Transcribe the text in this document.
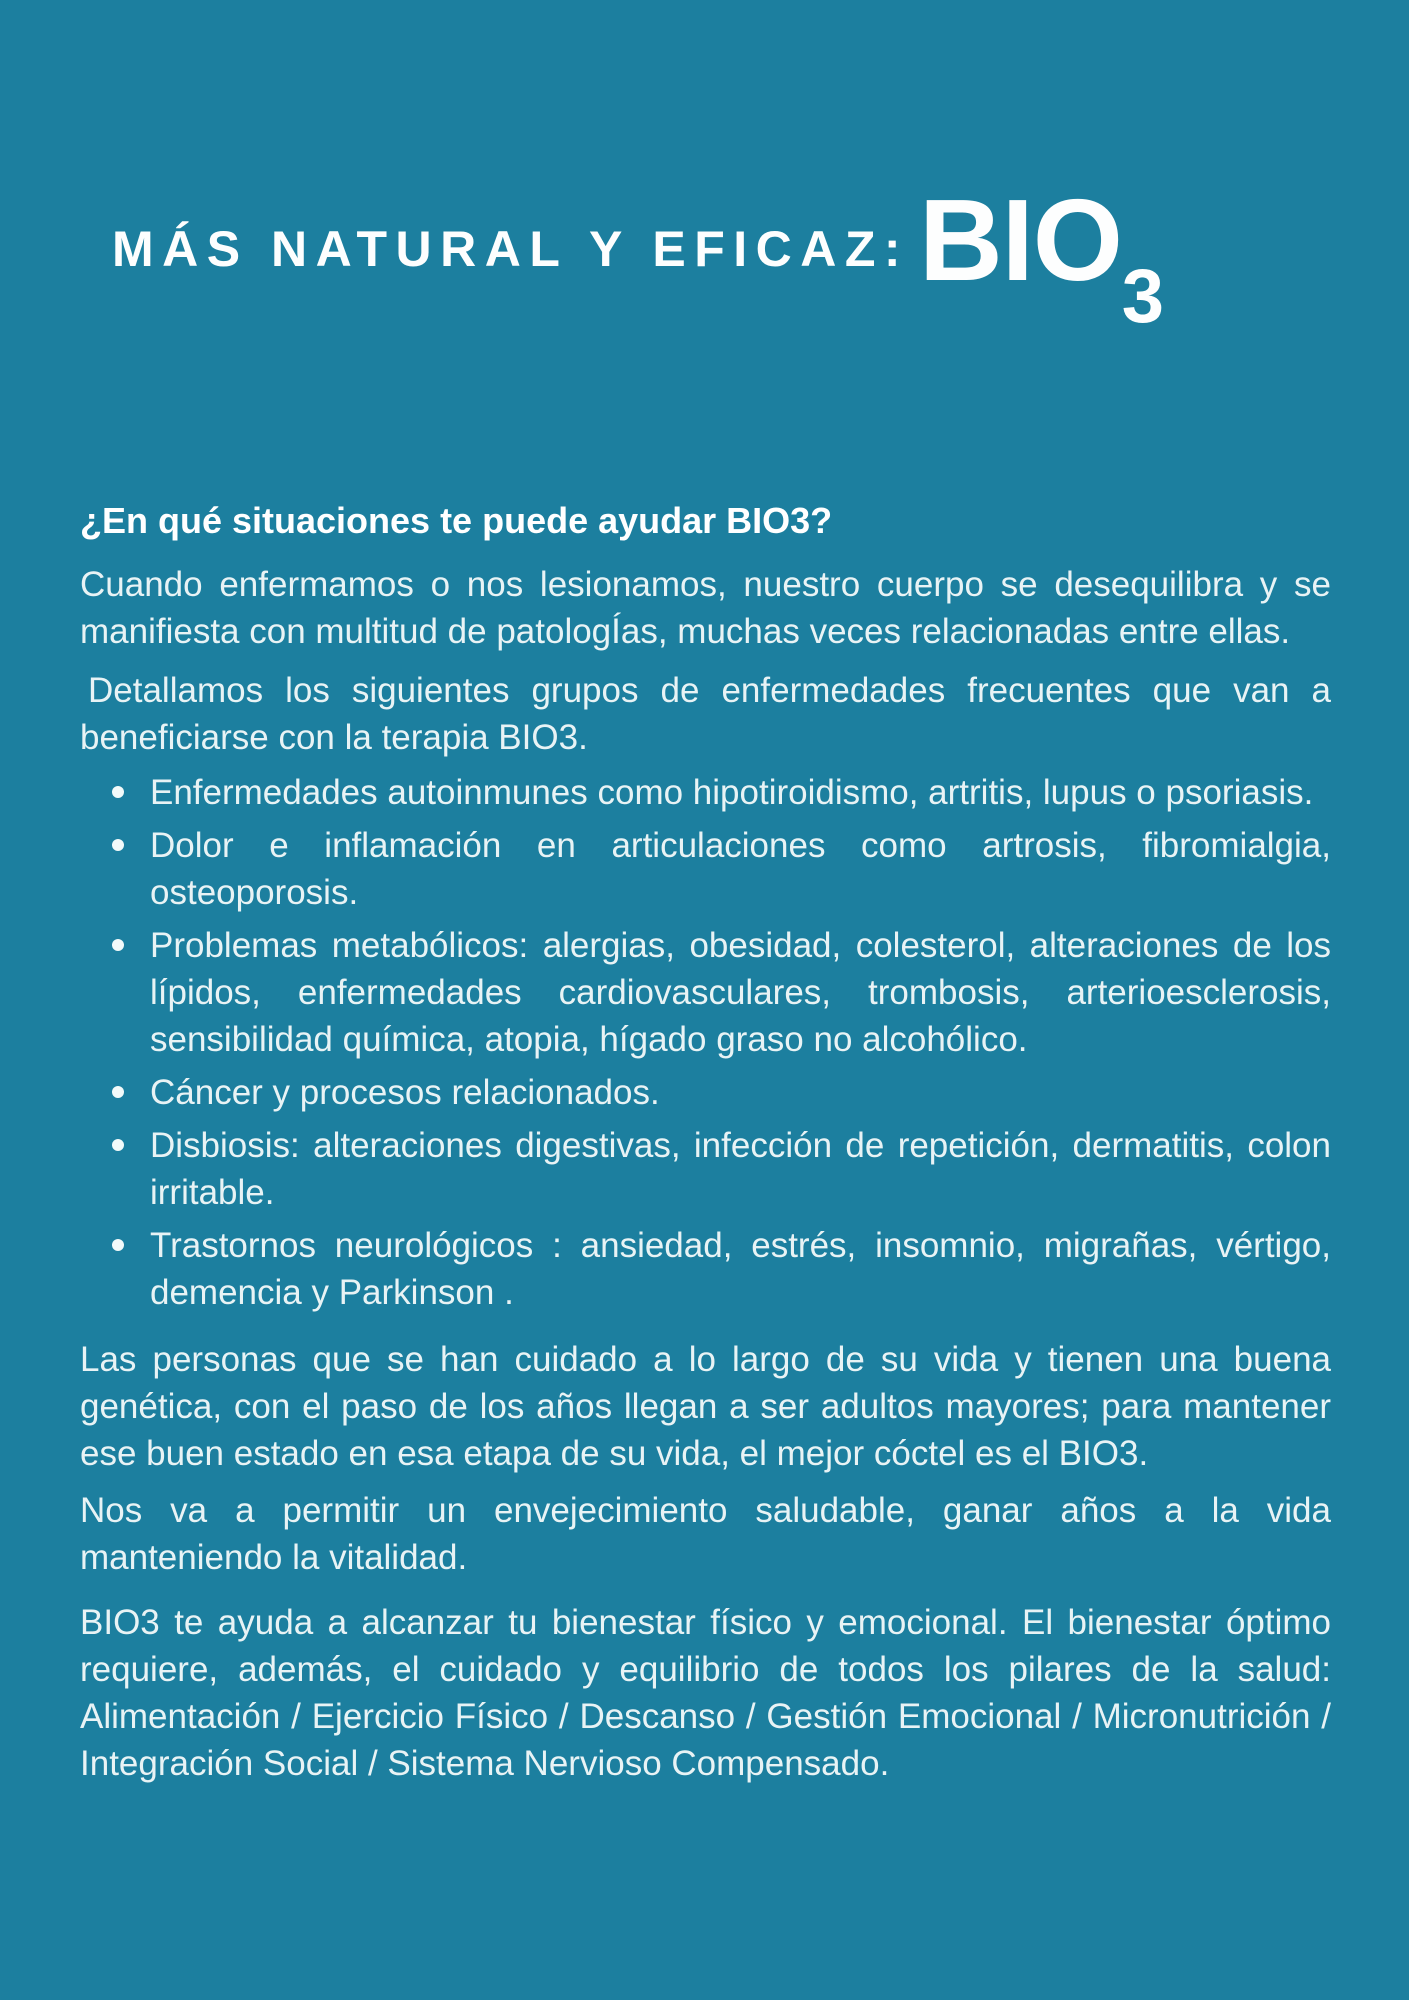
MÁS NATURAL Y EFICAZ: BIO3
¿En qué situaciones te puede ayudar BIO3?

Cuando enfermamos o nos lesionamos, nuestro cuerpo se desequilibra y se manifiesta con multitud de patologÍas, muchas veces relacionadas entre ellas.

Detallamos los siguientes grupos de enfermedades frecuentes que van a beneficiarse con la terapia BIO3.

Enfermedades autoinmunes como hipotiroidismo, artritis, lupus o psoriasis.
Dolor e inflamación en articulaciones como artrosis, fibromialgia, osteoporosis.
Problemas metabólicos: alergias, obesidad, colesterol, alteraciones de los lípidos, enfermedades cardiovasculares, trombosis, arterioesclerosis, sensibilidad química, atopia, hígado graso no alcohólico.
Cáncer y procesos relacionados.
Disbiosis: alteraciones digestivas, infección de repetición, dermatitis, colon irritable.
Trastornos neurológicos : ansiedad, estrés, insomnio, migrañas, vértigo, demencia y Parkinson .

Las personas que se han cuidado a lo largo de su vida y tienen una buena genética, con el paso de los años llegan a ser adultos mayores; para mantener ese buen estado en esa etapa de su vida, el mejor cóctel es el BIO3.

Nos va a permitir un envejecimiento saludable, ganar años a la vida manteniendo la vitalidad.

BIO3 te ayuda a alcanzar tu bienestar físico y emocional. El bienestar óptimo requiere, además, el cuidado y equilibrio de todos los pilares de la salud: Alimentación / Ejercicio Físico / Descanso / Gestión Emocional / Micronutrición / Integración Social / Sistema Nervioso Compensado.
